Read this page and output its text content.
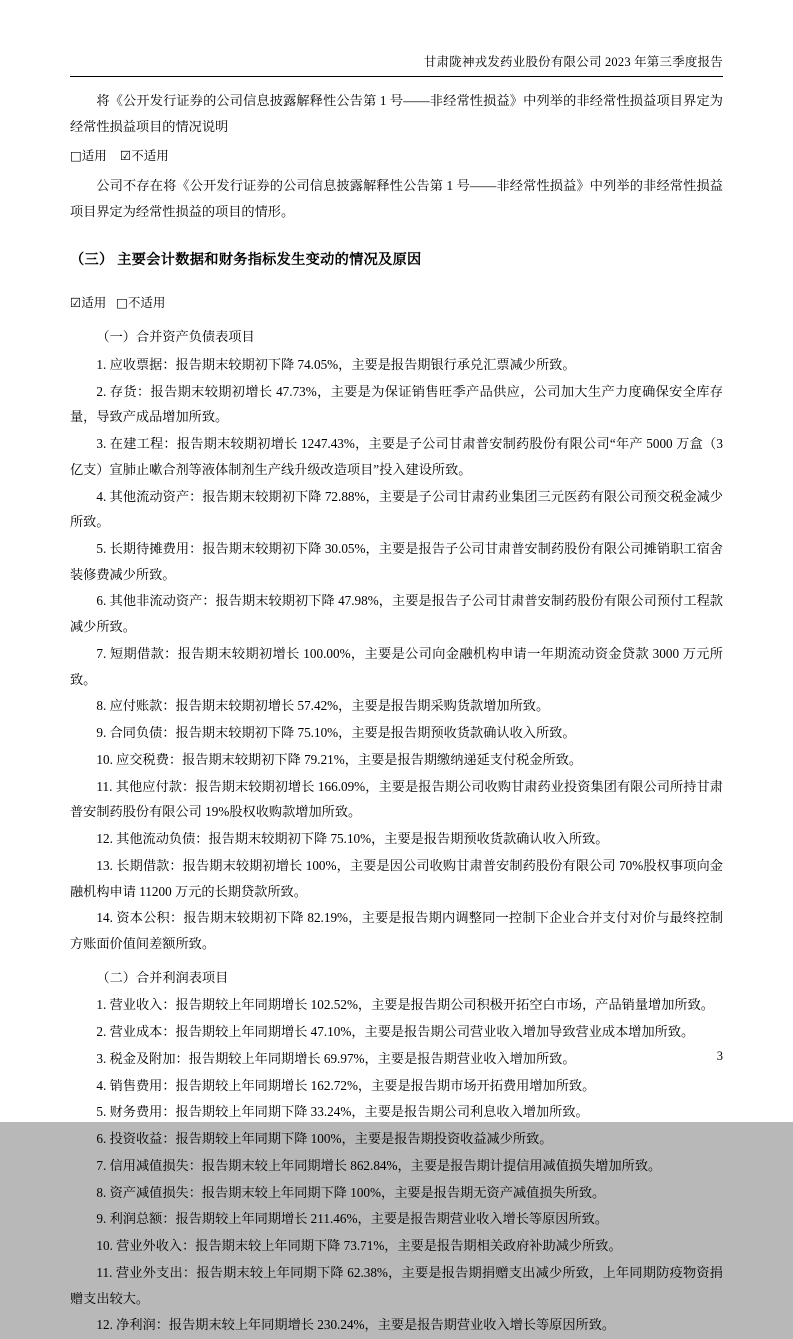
甘肃陇神戎发药业股份有限公司 2023 年第三季度报告

将《公开发行证券的公司信息披露解释性公告第 1 号——非经常性损益》中列举的非经常性损益项目界定为经常性损益项目的情况说明

□适用 ☑不适用

公司不存在将《公开发行证券的公司信息披露解释性公告第 1 号——非经常性损益》中列举的非经常性损益项目界定为经常性损益的项目的情形。

（三） 主要会计数据和财务指标发生变动的情况及原因

☑适用 □不适用

（一）合并资产负债表项目

1. 应收票据：报告期末较期初下降 74.05%，主要是报告期银行承兑汇票减少所致。

2. 存货：报告期末较期初增长 47.73%，主要是为保证销售旺季产品供应，公司加大生产力度确保安全库存量，导致产成品增加所致。

3. 在建工程：报告期末较期初增长 1247.43%，主要是子公司甘肃普安制药股份有限公司“年产 5000 万盒（3 亿支）宣肺止嗽合剂等液体制剂生产线升级改造项目”投入建设所致。

4. 其他流动资产：报告期末较期初下降 72.88%，主要是子公司甘肃药业集团三元医药有限公司预交税金减少所致。

5. 长期待摊费用：报告期末较期初下降 30.05%，主要是报告子公司甘肃普安制药股份有限公司摊销职工宿舍装修费减少所致。

6. 其他非流动资产：报告期末较期初下降 47.98%，主要是报告子公司甘肃普安制药股份有限公司预付工程款减少所致。

7. 短期借款：报告期末较期初增长 100.00%，主要是公司向金融机构申请一年期流动资金贷款 3000 万元所致。

8. 应付账款：报告期末较期初增长 57.42%，主要是报告期采购货款增加所致。

9. 合同负债：报告期末较期初下降 75.10%，主要是报告期预收货款确认收入所致。

10. 应交税费：报告期末较期初下降 79.21%，主要是报告期缴纳递延支付税金所致。

11. 其他应付款：报告期末较期初增长 166.09%，主要是报告期公司收购甘肃药业投资集团有限公司所持甘肃普安制药股份有限公司 19%股权收购款增加所致。

12. 其他流动负债：报告期末较期初下降 75.10%，主要是报告期预收货款确认收入所致。

13. 长期借款：报告期末较期初增长 100%，主要是因公司收购甘肃普安制药股份有限公司 70%股权事项向金融机构申请 11200 万元的长期贷款所致。

14. 资本公积：报告期末较期初下降 82.19%，主要是报告期内调整同一控制下企业合并支付对价与最终控制方账面价值间差额所致。

（二）合并利润表项目

1. 营业收入：报告期较上年同期增长 102.52%，主要是报告期公司积极开拓空白市场，产品销量增加所致。

2. 营业成本：报告期较上年同期增长 47.10%，主要是报告期公司营业收入增加导致营业成本增加所致。

3. 税金及附加：报告期较上年同期增长 69.97%，主要是报告期营业收入增加所致。

4. 销售费用：报告期较上年同期增长 162.72%，主要是报告期市场开拓费用增加所致。

5. 财务费用：报告期较上年同期下降 33.24%，主要是报告期公司利息收入增加所致。

6. 投资收益：报告期较上年同期下降 100%，主要是报告期投资收益减少所致。

7. 信用减值损失：报告期末较上年同期增长 862.84%，主要是报告期计提信用减值损失增加所致。

8. 资产减值损失：报告期末较上年同期下降 100%，主要是报告期无资产减值损失所致。

9. 利润总额：报告期较上年同期增长 211.46%，主要是报告期营业收入增长等原因所致。

10. 营业外收入：报告期末较上年同期下降 73.71%，主要是报告期相关政府补助减少所致。

11. 营业外支出：报告期末较上年同期下降 62.38%，主要是报告期捐赠支出减少所致，上年同期防疫物资捐赠支出较大。

12. 净利润：报告期末较上年同期增长 230.24%，主要是报告期营业收入增长等原因所致。

3
